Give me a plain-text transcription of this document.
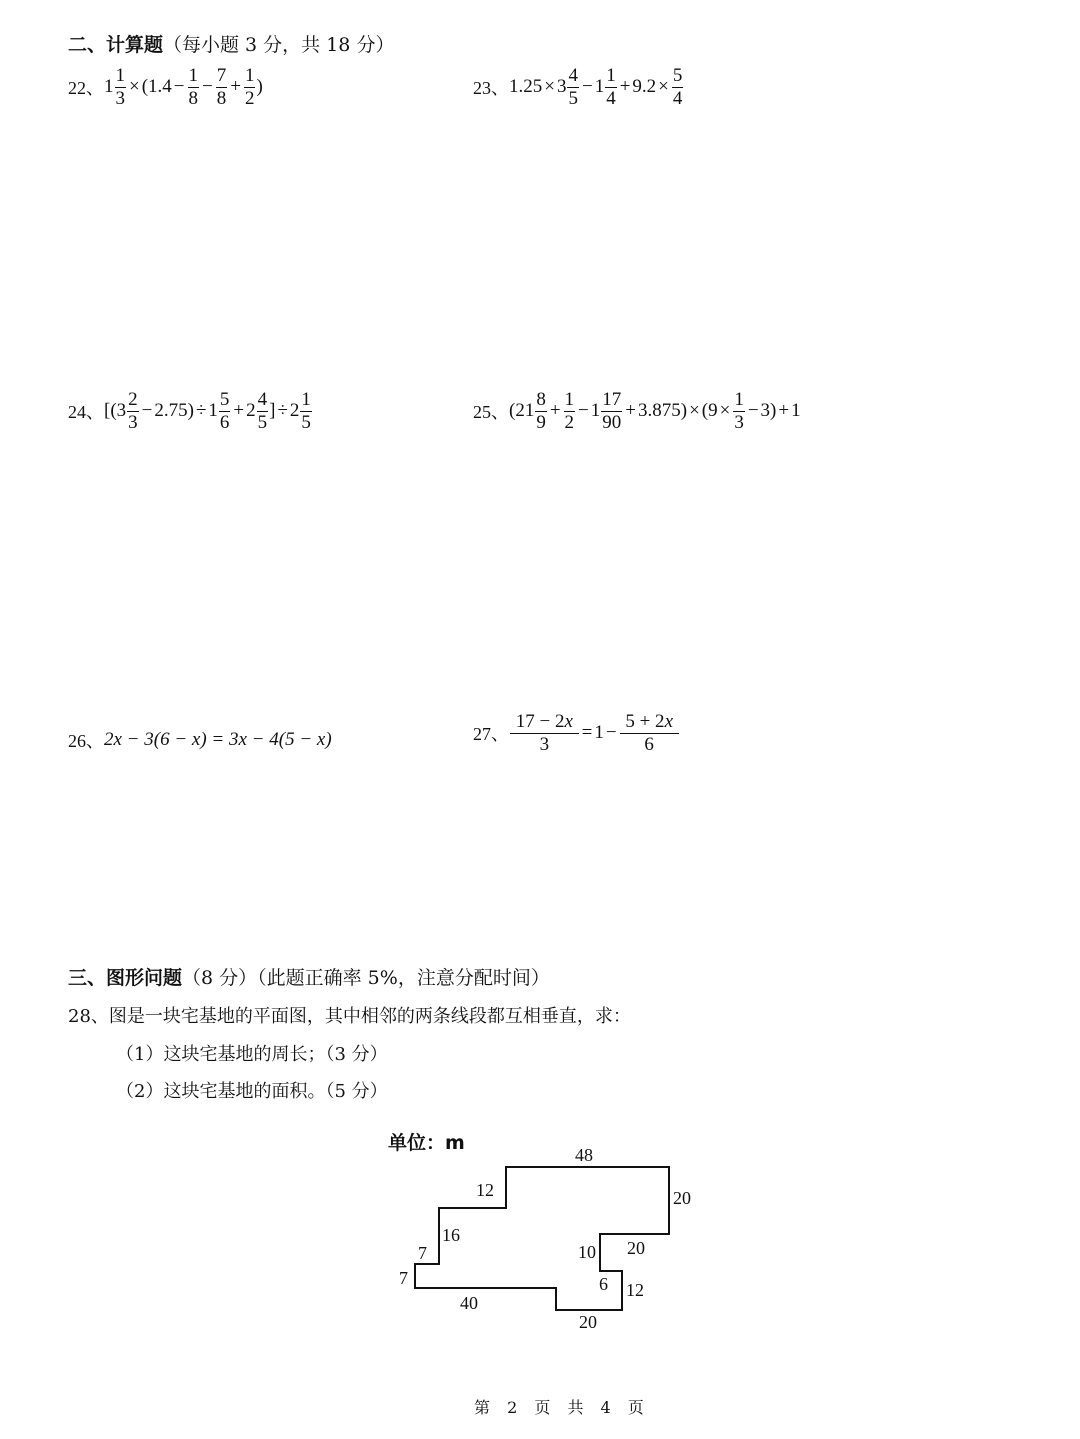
二、计算题（每小题 3 分，共 18 分）
22、 $1 \frac{1}{3} \times (1.4 - \frac{1}{8} - \frac{7}{8} + \frac{1}{2}$ )	23、 $1.25 \times 3 \frac{4}{5} - 1 \frac{1}{4} + 9.2 \times \frac{5}{4}$
24、 [$(3 \frac{2}{3} - 2.75) \div 1 \frac{5}{6} + 2 \frac{4}{5}$ ] ÷ $2 \frac{1}{5}$	25、 $(21 \frac{8}{9} + \frac{1}{2} - 1 \frac{17}{90} + 3.875) \times (9 \times \frac{1}{3} - 3) + 1$
26、 2x − 3(6 − x) = 3x − 4(5 − x)	27、 $\frac{17 - 2x}{3} = 1 - \frac{5 + 2x}{6}$
三、图形问题（8 分）（此题正确率 5%，注意分配时间）
28、图是一块宅基地的平面图，其中相邻的两条线段都互相垂直，求：
（1）这块宅基地的周长；（3 分）
（2）这块宅基地的面积。（5 分）
单位：m
48
20
20
12
20
40
7
7
16
12
10
6
第 2 页 共 4 页
